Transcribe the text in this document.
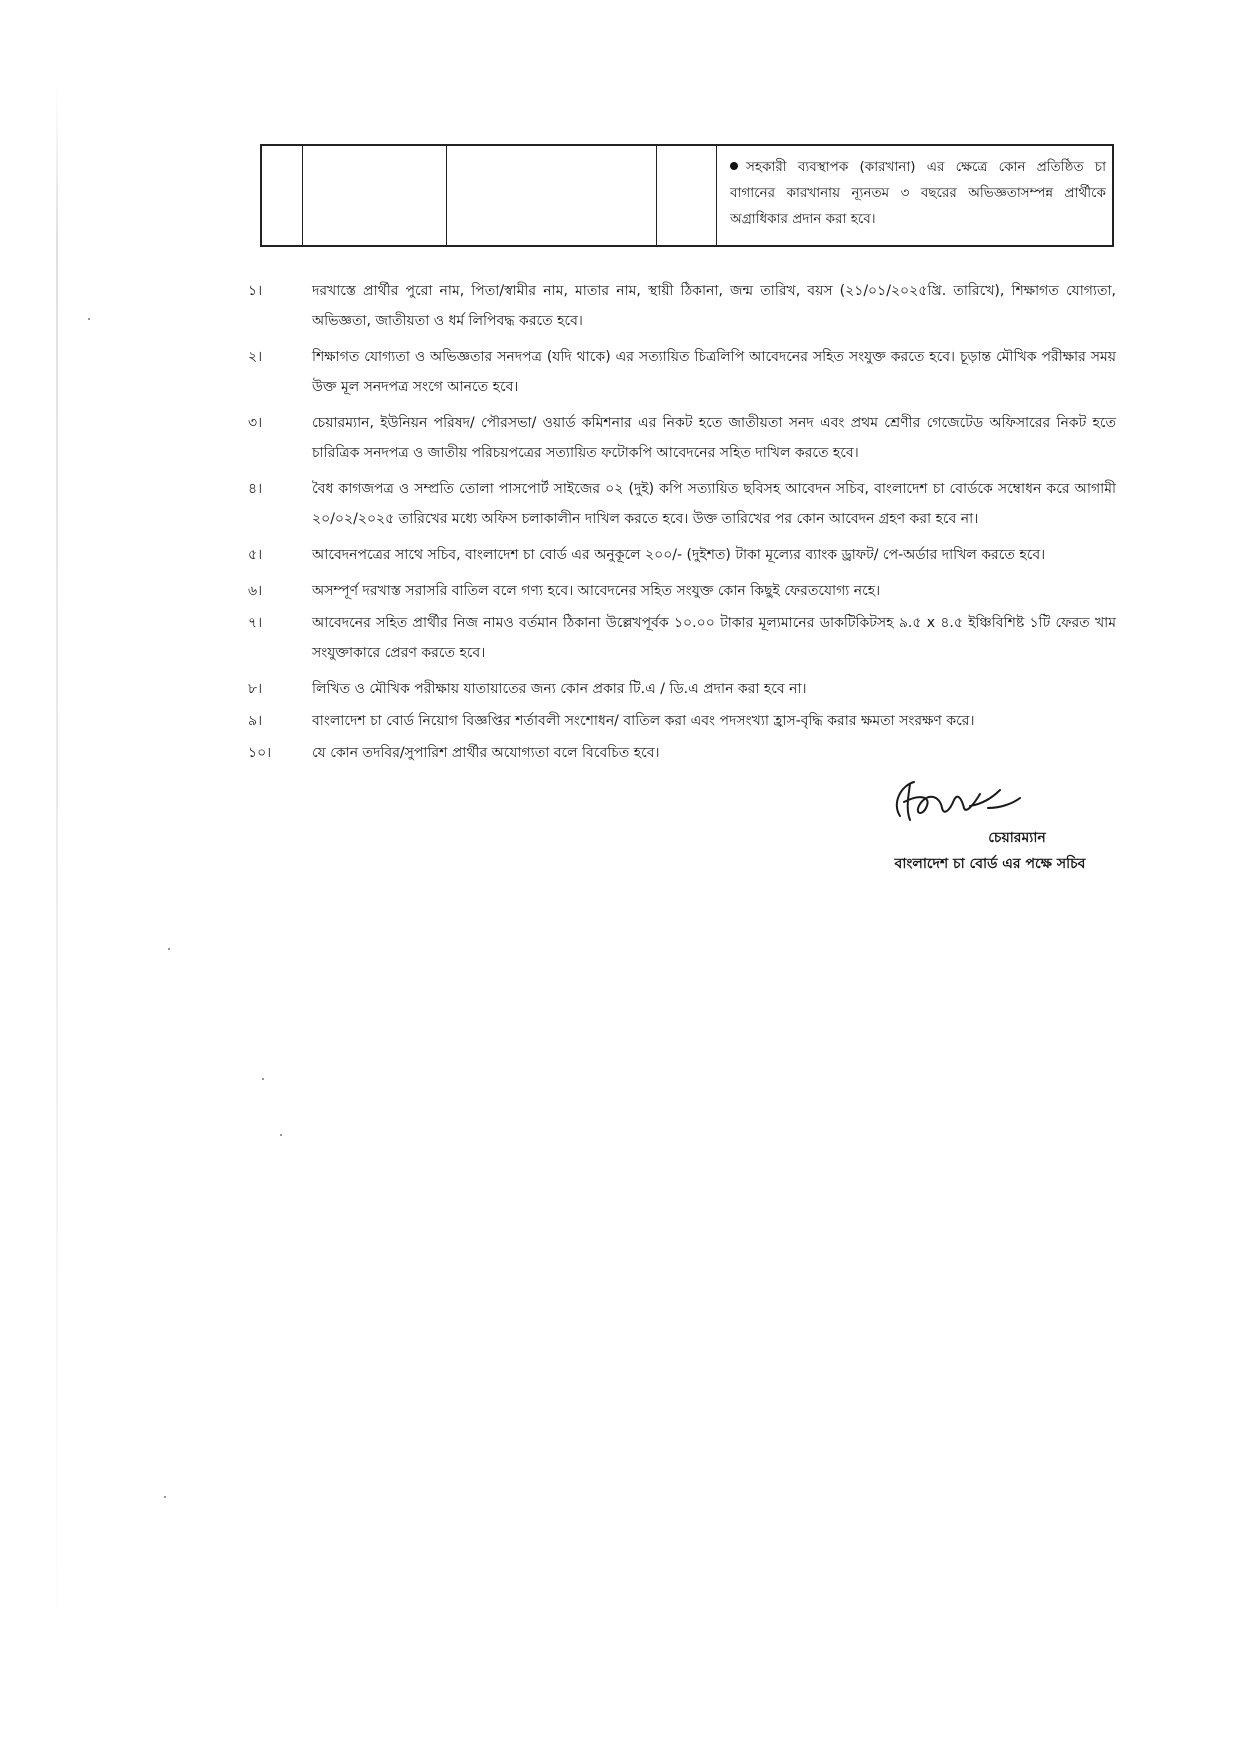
সহকারী ব্যবস্থাপক (কারখানা) এর ক্ষেত্রে কোন প্রতিষ্ঠিত চা বাগানের কারখানায় ন্যূনতম ৩ বছরের অভিজ্ঞতাসম্পন্ন প্রার্থীকে অগ্রাধিকার প্রদান করা হবে।
১।	দরখাস্তে প্রার্থীর পুরো নাম, পিতা/স্বামীর নাম, মাতার নাম, স্থায়ী ঠিকানা, জন্ম তারিখ, বয়স (২১/০১/২০২৫খ্রি. তারিখে), শিক্ষাগত যোগ্যতা, অভিজ্ঞতা, জাতীয়তা ও ধর্ম লিপিবদ্ধ করতে হবে।
২।	শিক্ষাগত যোগ্যতা ও অভিজ্ঞতার সনদপত্র (যদি থাকে) এর সত্যায়িত চিত্রলিপি আবেদনের সহিত সংযুক্ত করতে হবে। চূড়ান্ত মৌখিক পরীক্ষার সময় উক্ত মূল সনদপত্র সংগে আনতে হবে।
৩।	চেয়ারম্যান, ইউনিয়ন পরিষদ/ পৌরসভা/ ওয়ার্ড কমিশনার এর নিকট হতে জাতীয়তা সনদ এবং প্রথম শ্রেণীর গেজেটেড অফিসারের নিকট হতে চারিত্রিক সনদপত্র ও জাতীয় পরিচয়পত্রের সত্যায়িত ফটোকপি আবেদনের সহিত দাখিল করতে হবে।
৪।	বৈধ কাগজপত্র ও সম্প্রতি তোলা পাসপোর্ট সাইজের ০২ (দুই) কপি সত্যায়িত ছবিসহ আবেদন সচিব, বাংলাদেশ চা বোর্ডকে সম্বোধন করে আগামী ২০/০২/২০২৫ তারিখের মধ্যে অফিস চলাকালীন দাখিল করতে হবে। উক্ত তারিখের পর কোন আবেদন গ্রহণ করা হবে না।
৫।	আবেদনপত্রের সাথে সচিব, বাংলাদেশ চা বোর্ড এর অনুকূলে ২০০/- (দুইশত) টাকা মূল্যের ব্যাংক ড্রাফট/ পে-অর্ডার দাখিল করতে হবে।
৬।	অসম্পূর্ণ দরখাস্ত সরাসরি বাতিল বলে গণ্য হবে। আবেদনের সহিত সংযুক্ত কোন কিছুই ফেরতযোগ্য নহে।
৭।	আবেদনের সহিত প্রার্থীর নিজ নামও বর্তমান ঠিকানা উল্লেখপূর্বক ১০.০০ টাকার মূল্যমানের ডাকটিকিটসহ ৯.৫ x ৪.৫ ইঞ্চিবিশিষ্ট ১টি ফেরত খাম সংযুক্তাকারে প্রেরণ করতে হবে।
৮।	লিখিত ও মৌখিক পরীক্ষায় যাতায়াতের জন্য কোন প্রকার টি.এ / ডি.এ প্রদান করা হবে না।
৯।	বাংলাদেশ চা বোর্ড নিয়োগ বিজ্ঞপ্তির শর্তাবলী সংশোধন/ বাতিল করা এবং পদসংখ্যা হ্রাস-বৃদ্ধি করার ক্ষমতা সংরক্ষণ করে।
১০।	যে কোন তদবির/সুপারিশ প্রার্থীর অযোগ্যতা বলে বিবেচিত হবে।
চেয়ারম্যান
বাংলাদেশ চা বোর্ড এর পক্ষে সচিব
